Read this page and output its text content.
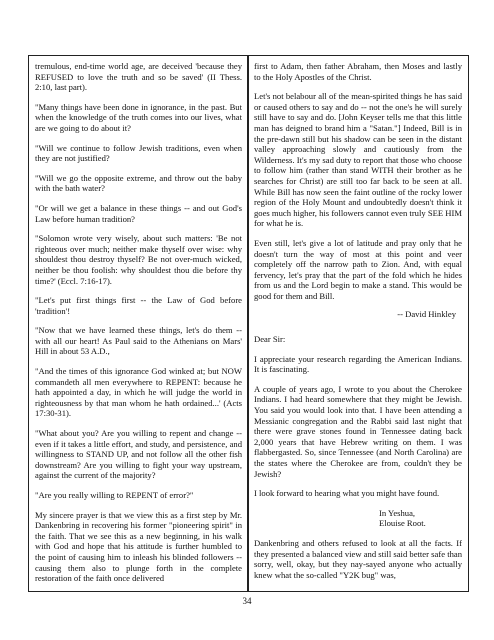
tremulous, end-time world age, are deceived 'because they REFUSED to love the truth and so be saved' (II Thess. 2:10, last part).

"Many things have been done in ignorance, in the past. But when the knowledge of the truth comes into our lives, what are we going to do about it?

"Will we continue to follow Jewish traditions, even when they are not justified?

"Will we go the opposite extreme, and throw out the baby with the bath water?

"Or will we get a balance in these things -- and out God's Law before human tradition?

"Solomon wrote very wisely, about such matters: 'Be not righteous over much; neither make thyself over wise: why shouldest thou destroy thyself? Be not over-much wicked, neither be thou foolish: why shouldest thou die before thy time?' (Eccl. 7:16-17).

"Let's put first things first -- the Law of God before 'tradition'!

"Now that we have learned these things, let's do them -- with all our heart! As Paul said to the Athenians on Mars' Hill in about 53 A.D.,

"And the times of this ignorance God winked at; but NOW commandeth all men everywhere to REPENT: because he hath appointed a day, in which he will judge the world in righteousness by that man whom he hath ordained...' (Acts 17:30-31).

"What about you? Are you willing to repent and change -- even if it takes a little effort, and study, and persistence, and willingness to STAND UP, and not follow all the other fish downstream? Are you willing to fight your way upstream, against the current of the majority?

"Are you really willing to REPENT of error?"

My sincere prayer is that we view this as a first step by Mr. Dankenbring in recovering his former "pioneering spirit" in the faith. That we see this as a new beginning, in his walk with God and hope that his attitude is further humbled to the point of causing him to inleash his blinded followers -- causing them also to plunge forth in the complete restoration of the faith once delivered

first to Adam, then father Abraham, then Moses and lastly to the Holy Apostles of the Christ.

Let's not belabour all of the mean-spirited things he has said or caused others to say and do -- not the one's he will surely still have to say and do. [John Keyser tells me that this little man has deigned to brand him a "Satan."] Indeed, Bill is in the pre-dawn still but his shadow can be seen in the distant valley approaching slowly and cautiously from the Wilderness. It's my sad duty to report that those who choose to follow him (rather than stand WITH their brother as he searches for Christ) are still too far back to be seen at all. While Bill has now seen the faint outline of the rocky lower region of the Holy Mount and undoubtedly doesn't think it goes much higher, his followers cannot even truly SEE HIM for what he is.

Even still, let's give a lot of latitude and pray only that he doesn't turn the way of most at this point and veer completely off the narrow path to Zion. And, with equal fervency, let's pray that the part of the fold which he hides from us and the Lord begin to make a stand. This would be good for them and Bill.

-- David Hinkley

Dear Sir:

I appreciate your research regarding the American Indians. It is fascinating.

A couple of years ago, I wrote to you about the Cherokee Indians. I had heard somewhere that they might be Jewish. You said you would look into that. I have been attending a Messianic congregation and the Rabbi said last night that there were grave stones found in Tennessee dating back 2,000 years that have Hebrew writing on them. I was flabbergasted. So, since Tennessee (and North Carolina) are the states where the Cherokee are from, couldn't they be Jewish?

I look forward to hearing what you might have found.

In Yeshua,
Elouise Root.

Dankenbring and others refused to look at all the facts. If they presented a balanced view and still said better safe than sorry, well, okay, but they nay-sayed anyone who actually knew what the so-called "Y2K bug" was,

34
